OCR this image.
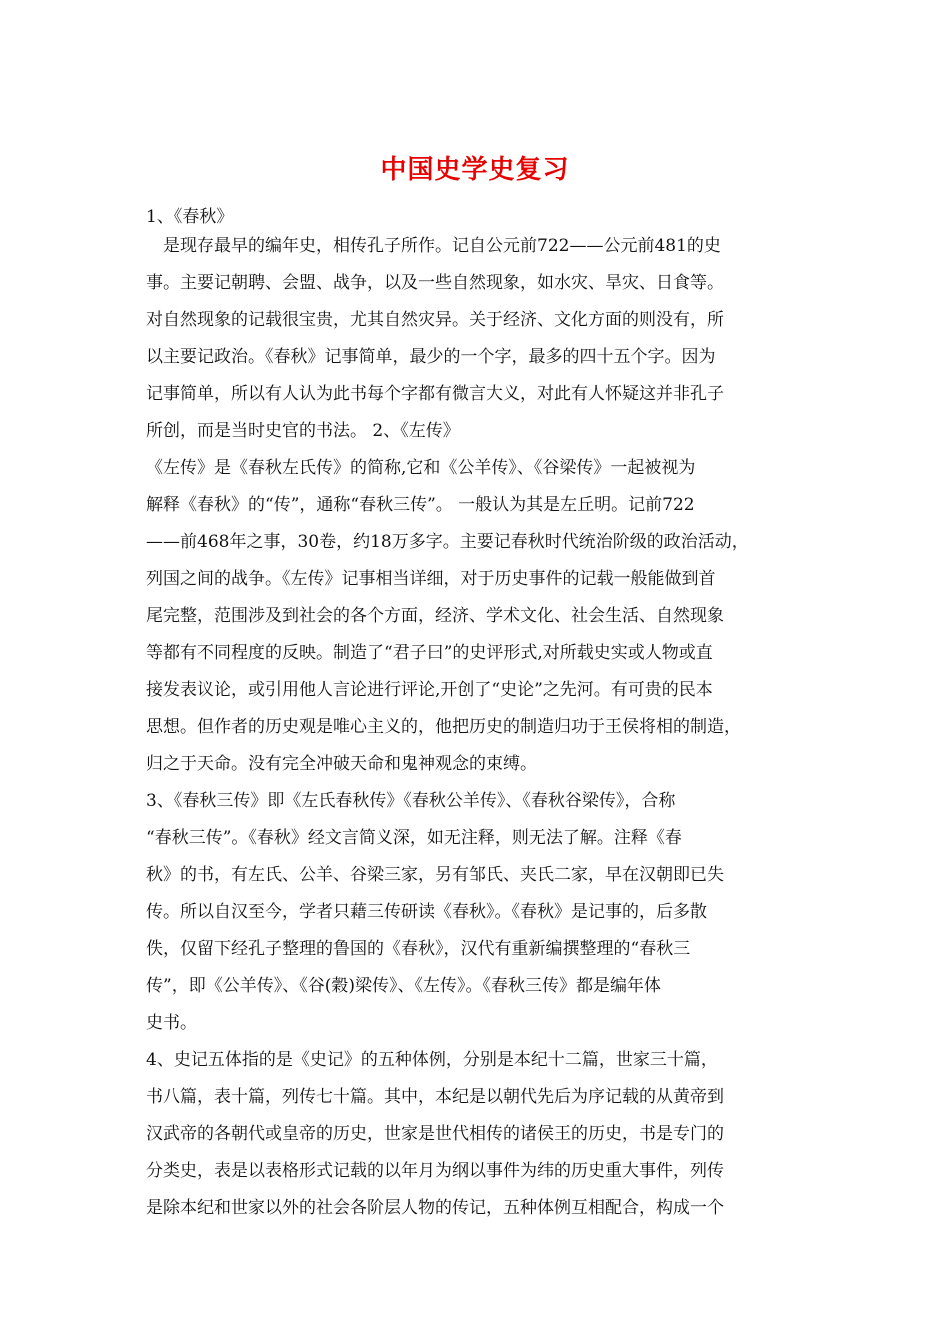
中国史学史复习
1、《春秋》
　是现存最早的编年史，相传孔子所作。记自公元前722——公元前481的史
事。主要记朝聘、会盟、战争，以及一些自然现象，如水灾、旱灾、日食等。
对自然现象的记载很宝贵，尤其自然灾异。关于经济、文化方面的则没有，所
以主要记政治。《春秋》记事简单，最少的一个字，最多的四十五个字。因为
记事简单，所以有人认为此书每个字都有微言大义，对此有人怀疑这并非孔子
所创，而是当时史官的书法。 2、《左传》
《左传》是《春秋左氏传》的简称,它和《公羊传》、《谷梁传》一起被视为
解释《春秋》的“传”，通称“春秋三传”。 一般认为其是左丘明。记前722
——前468年之事，30卷，约18万多字。主要记春秋时代统治阶级的政治活动，
列国之间的战争。《左传》记事相当详细，对于历史事件的记载一般能做到首
尾完整，范围涉及到社会的各个方面，经济、学术文化、社会生活、自然现象
等都有不同程度的反映。制造了“君子曰”的史评形式,对所载史实或人物或直
接发表议论，或引用他人言论进行评论,开创了“史论”之先河。有可贵的民本
思想。但作者的历史观是唯心主义的，他把历史的制造归功于王侯将相的制造，
归之于天命。没有完全冲破天命和鬼神观念的束缚。
3、《春秋三传》即《左氏春秋传》《春秋公羊传》、《春秋谷梁传》，合称
“春秋三传”。《春秋》经文言简义深，如无注释，则无法了解。注释《春
秋》的书，有左氏、公羊、谷梁三家，另有邹氏、夹氏二家，早在汉朝即已失
传。所以自汉至今，学者只藉三传研读《春秋》。《春秋》是记事的，后多散
佚，仅留下经孔子整理的鲁国的《春秋》，汉代有重新编撰整理的“春秋三
传”，即《公羊传》、《谷(穀)梁传》、《左传》。《春秋三传》都是编年体
史书。
4、史记五体指的是《史记》的五种体例，分别是本纪十二篇，世家三十篇，
书八篇，表十篇，列传七十篇。其中，本纪是以朝代先后为序记载的从黄帝到
汉武帝的各朝代或皇帝的历史，世家是世代相传的诸侯王的历史，书是专门的
分类史，表是以表格形式记载的以年月为纲以事件为纬的历史重大事件，列传
是除本纪和世家以外的社会各阶层人物的传记，五种体例互相配合，构成一个
